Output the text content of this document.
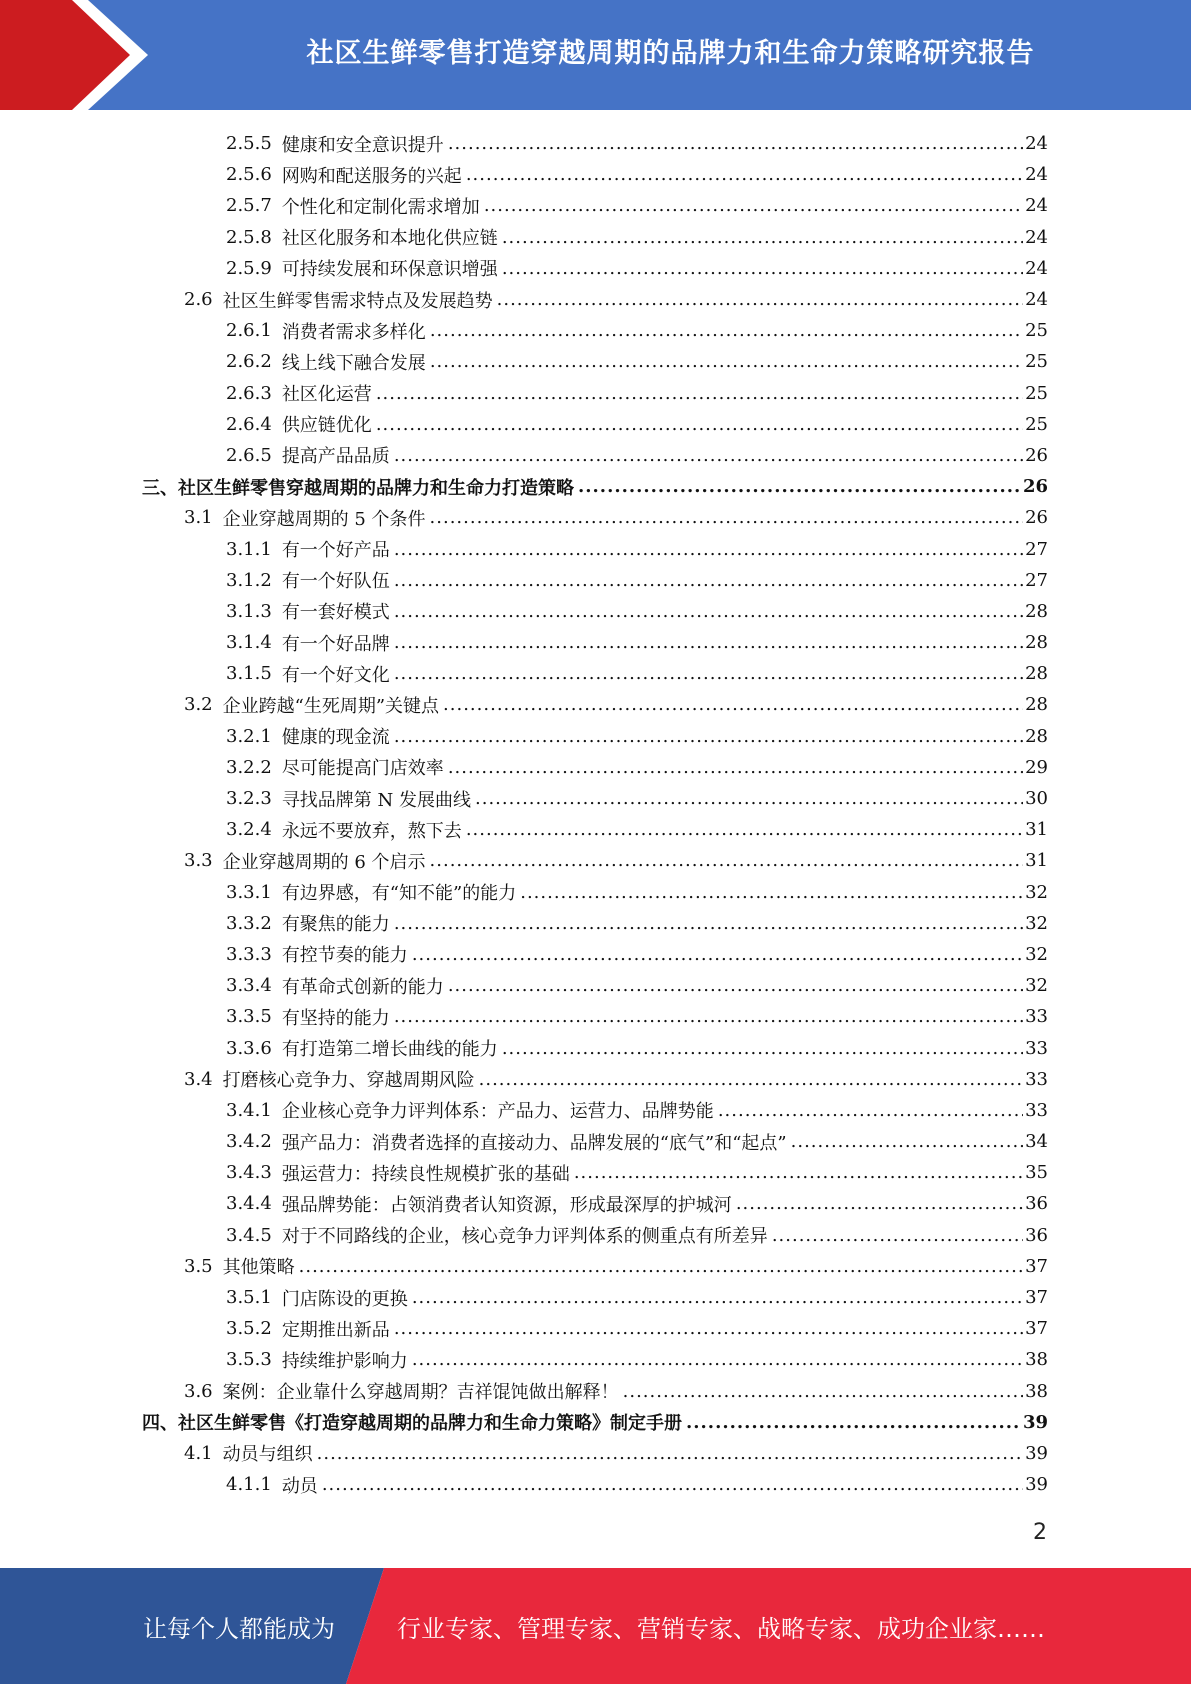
社区生鲜零售打造穿越周期的品牌力和生命力策略研究报告
2.5.5 健康和安全意识提升 .....	24
2.5.6 网购和配送服务的兴起 .....	24
2.5.7 个性化和定制化需求增加 .....	24
2.5.8 社区化服务和本地化供应链 .....	24
2.5.9 可持续发展和环保意识增强 .....	24
2.6 社区生鲜零售需求特点及发展趋势 .....	24
2.6.1 消费者需求多样化 .....	25
2.6.2 线上线下融合发展 .....	25
2.6.3 社区化运营 .....	25
2.6.4 供应链优化 .....	25
2.6.5 提高产品品质 .....	26
三、 社区生鲜零售穿越周期的品牌力和生命力打造策略 .....	26
3.1 企业穿越周期的 5 个条件 .....	26
3.1.1 有一个好产品 .....	27
3.1.2 有一个好队伍 .....	27
3.1.3 有一套好模式 .....	28
3.1.4 有一个好品牌 .....	28
3.1.5 有一个好文化 .....	28
3.2 企业跨越“生死周期”关键点 .....	28
3.2.1 健康的现金流 .....	28
3.2.2 尽可能提高门店效率 .....	29
3.2.3 寻找品牌第 N 发展曲线 .....	30
3.2.4 永远不要放弃，熬下去 .....	31
3.3 企业穿越周期的 6 个启示 .....	31
3.3.1 有边界感，有“知不能”的能力 .....	32
3.3.2 有聚焦的能力 .....	32
3.3.3 有控节奏的能力 .....	32
3.3.4 有革命式创新的能力 .....	32
3.3.5 有坚持的能力 .....	33
3.3.6 有打造第二增长曲线的能力 .....	33
3.4 打磨核心竞争力、穿越周期风险 .....	33
3.4.1 企业核心竞争力评判体系：产品力、运营力、品牌势能 .....	33
3.4.2 强产品力：消费者选择的直接动力、品牌发展的“底气”和“起点” .....	34
3.4.3 强运营力：持续良性规模扩张的基础 .....	35
3.4.4 强品牌势能：占领消费者认知资源，形成最深厚的护城河 .....	36
3.4.5 对于不同路线的企业，核心竞争力评判体系的侧重点有所差异 .....	36
3.5 其他策略 .....	37
3.5.1 门店陈设的更换 .....	37
3.5.2 定期推出新品 .....	37
3.5.3 持续维护影响力 .....	38
3.6 案例：企业靠什么穿越周期？吉祥馄饨做出解释！ .....	38
四、 社区生鲜零售《打造穿越周期的品牌力和生命力策略》制定手册 .....	39
4.1 动员与组织 .....	39
4.1.1 动员 .....	39
2
让每个人都能成为	行业专家、管理专家、营销专家、战略专家、成功企业家……
